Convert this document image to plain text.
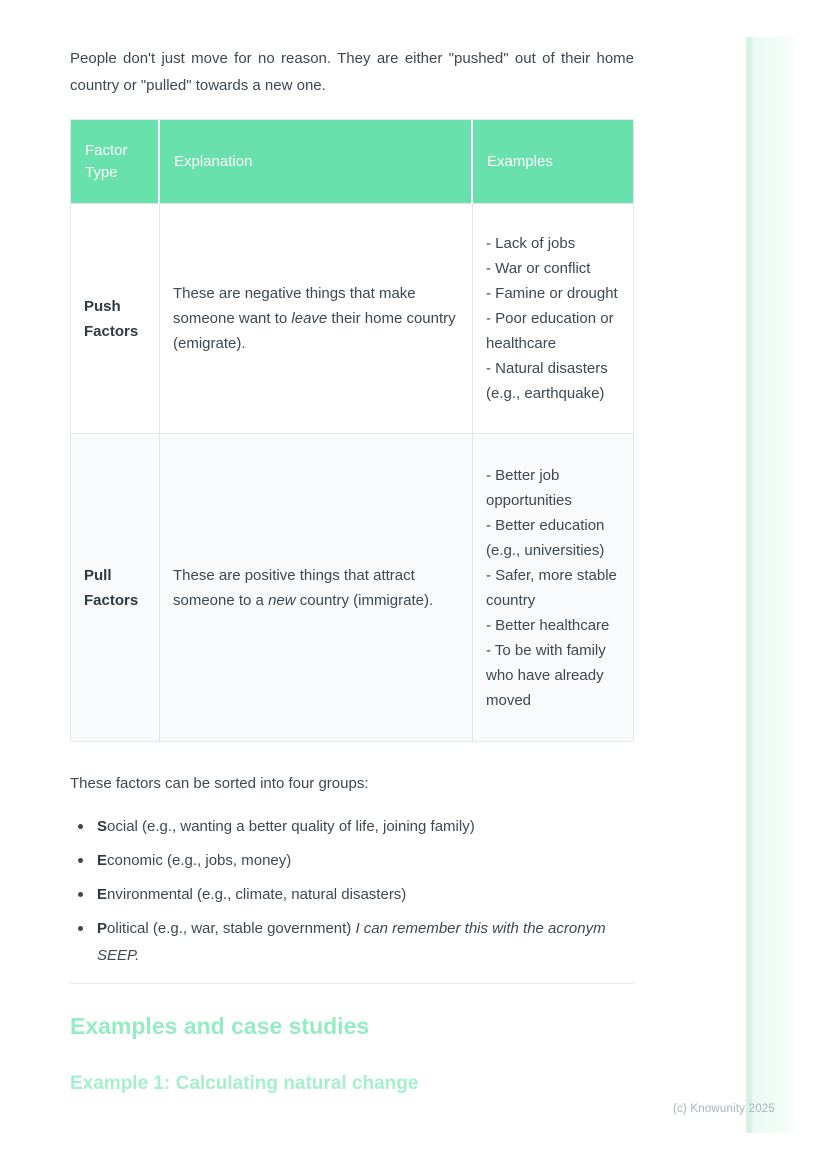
People don't just move for no reason. They are either "pushed" out of their home country or "pulled" towards a new one.

Factor Type
Explanation	Examples
Push Factors
These are negative things that make someone want to leave their home country (emigrate).
- Lack of jobs
- War or conflict
- Famine or drought
- Poor education or healthcare
- Natural disasters (e.g., earthquake)
Pull Factors
These are positive things that attract someone to a new country (immigrate).
- Better job opportunities
- Better education (e.g., universities)
- Safer, more stable country
- Better healthcare
- To be with family who have already moved

These factors can be sorted into four groups:

Social (e.g., wanting a better quality of life, joining family)
Economic (e.g., jobs, money)
Environmental (e.g., climate, natural disasters)
Political (e.g., war, stable government) I can remember this with the acronym SEEP.
Examples and case studies
Example 1: Calculating natural change
(c) Knowunity 2025
